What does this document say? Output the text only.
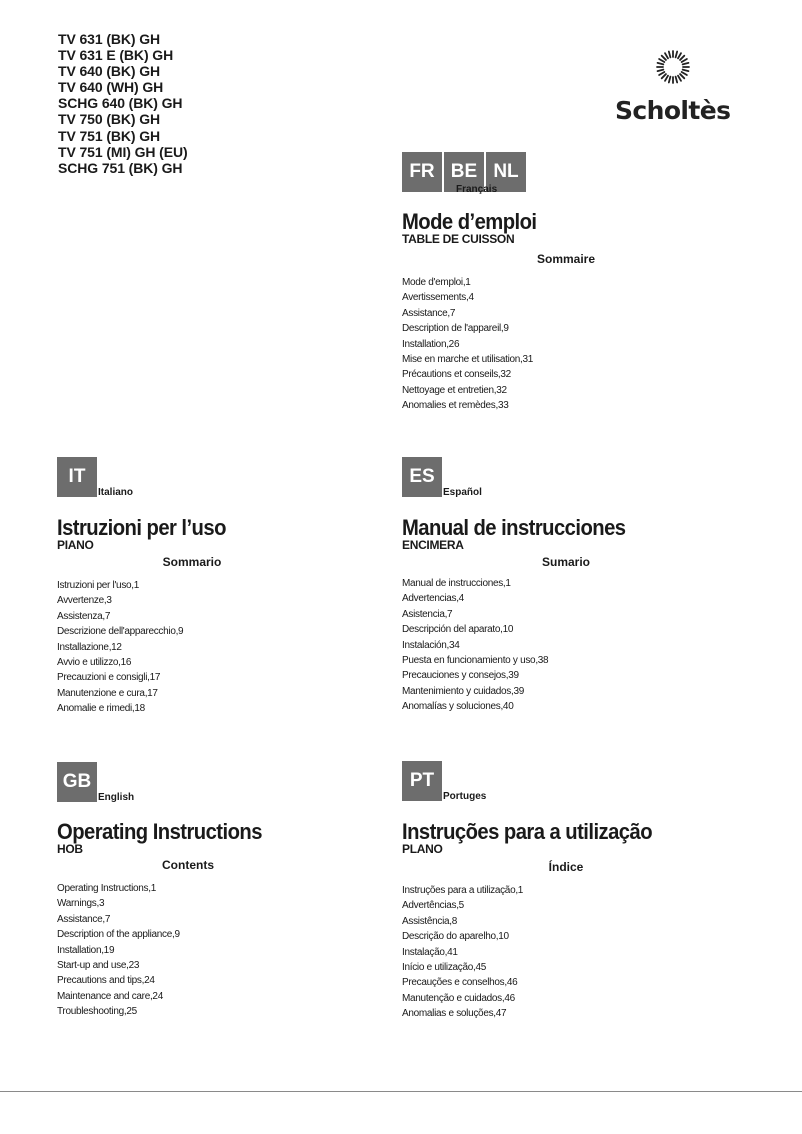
TV 631 (BK) GH
TV 631 E (BK) GH
TV 640 (BK) GH
TV 640 (WH) GH
SCHG 640 (BK) GH
TV 750 (BK) GH
TV 751 (BK) GH
TV 751 (MI) GH (EU)
SCHG 751 (BK) GH
Scholtès
FR BE NL
Français
Mode d’emploi
TABLE DE CUISSON
Sommaire
Mode d'emploi,1
Avertissements,4
Assistance,7
Description de l'appareil,9
Installation,26
Mise en marche et utilisation,31
Précautions et conseils,32
Nettoyage et entretien,32
Anomalies et remèdes,33
IT
Italiano
Istruzioni per l’uso
PIANO
Sommario
Istruzioni per l'uso,1
Avvertenze,3
Assistenza,7
Descrizione dell'apparecchio,9
Installazione,12
Avvio e utilizzo,16
Precauzioni e consigli,17
Manutenzione e cura,17
Anomalie e rimedi,18
ES
Español
Manual de instrucciones
ENCIMERA
Sumario
Manual de instrucciones,1
Advertencias,4
Asistencia,7
Descripción del aparato,10
Instalación,34
Puesta en funcionamiento y uso,38
Precauciones y consejos,39
Mantenimiento y cuidados,39
Anomalías y soluciones,40
GB
English
Operating Instructions
HOB
Contents
Operating Instructions,1
Warnings,3
Assistance,7
Description of the appliance,9
Installation,19
Start-up and use,23
Precautions and tips,24
Maintenance and care,24
Troubleshooting,25
PT
Portuges
Instruções para a utilização
PLANO
Índice
Instruções para a utilização,1
Advertências,5
Assistência,8
Descrição do aparelho,10
Instalação,41
Início e utilização,45
Precauções e conselhos,46
Manutenção e cuidados,46
Anomalias e soluções,47
